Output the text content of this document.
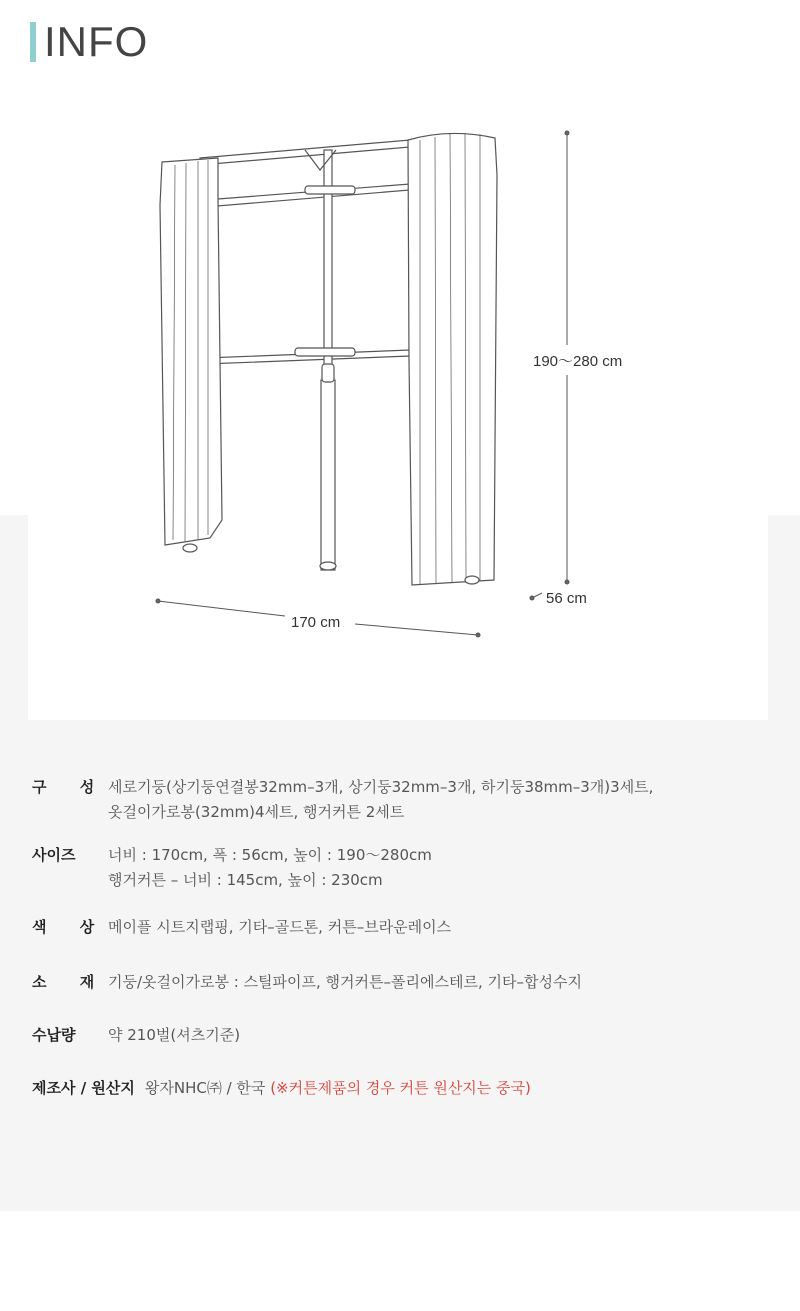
INFO
190～280 cm
56 cm
170 cm
구 성 세로기둥(상기둥연결봉32mm–3개, 상기둥32mm–3개, 하기둥38mm–3개)3세트,
옷걸이가로봉(32mm)4세트, 행거커튼 2세트
사이즈	너비 : 170cm, 폭 : 56cm, 높이 : 190～280cm
행거커튼 – 너비 : 145cm, 높이 : 230cm
색 상 메이플 시트지랩핑, 기타–골드톤, 커튼–브라운레이스
소 재 기둥/옷걸이가로봉 : 스틸파이프, 행거커튼–폴리에스테르, 기타–합성수지
수납량	약 210벌(셔츠기준)
제조사 / 원산지 왕자NHC㈜ / 한국 (※커튼제품의 경우 커튼 원산지는 중국)
